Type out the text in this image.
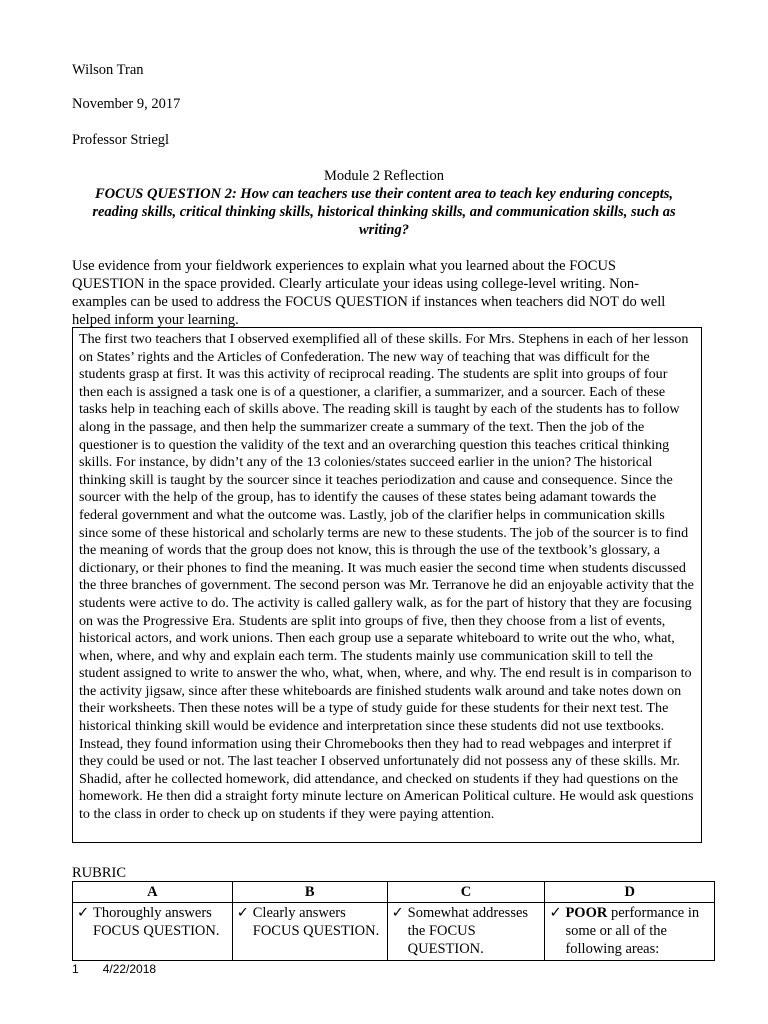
Wilson Tran
November 9, 2017
Professor Striegl
Module 2 Reflection
FOCUS QUESTION 2: How can teachers use their content area to teach key enduring concepts, reading skills, critical thinking skills, historical thinking skills, and communication skills, such as writing?
Use evidence from your fieldwork experiences to explain what you learned about the FOCUS QUESTION in the space provided. Clearly articulate your ideas using college-level writing. Non-examples can be used to address the FOCUS QUESTION if instances when teachers did NOT do well helped inform your learning.
The first two teachers that I observed exemplified all of these skills. For Mrs. Stephens in each of her lesson on States’ rights and the Articles of Confederation. The new way of teaching that was difficult for the students grasp at first. It was this activity of reciprocal reading. The students are split into groups of four then each is assigned a task one is of a questioner, a clarifier, a summarizer, and a sourcer. Each of these tasks help in teaching each of skills above. The reading skill is taught by each of the students has to follow along in the passage, and then help the summarizer create a summary of the text. Then the job of the questioner is to question the validity of the text and an overarching question this teaches critical thinking skills. For instance, by didn’t any of the 13 colonies/states succeed earlier in the union? The historical thinking skill is taught by the sourcer since it teaches periodization and cause and consequence. Since the sourcer with the help of the group, has to identify the causes of these states being adamant towards the federal government and what the outcome was. Lastly, job of the clarifier helps in communication skills since some of these historical and scholarly terms are new to these students. The job of the sourcer is to find the meaning of words that the group does not know, this is through the use of the textbook’s glossary, a dictionary, or their phones to find the meaning. It was much easier the second time when students discussed the three branches of government. The second person was Mr. Terranove he did an enjoyable activity that the students were active to do. The activity is called gallery walk, as for the part of history that they are focusing on was the Progressive Era. Students are split into groups of five, then they choose from a list of events, historical actors, and work unions. Then each group use a separate whiteboard to write out the who, what, when, where, and why and explain each term. The students mainly use communication skill to tell the student assigned to write to answer the who, what, when, where, and why. The end result is in comparison to the activity jigsaw, since after these whiteboards are finished students walk around and take notes down on their worksheets. Then these notes will be a type of study guide for these students for their next test. The historical thinking skill would be evidence and interpretation since these students did not use textbooks. Instead, they found information using their Chromebooks then they had to read webpages and interpret if they could be used or not. The last teacher I observed unfortunately did not possess any of these skills. Mr. Shadid, after he collected homework, did attendance, and checked on students if they had questions on the homework. He then did a straight forty minute lecture on American Political culture. He would ask questions to the class in order to check up on students if they were paying attention.
RUBRIC
A	B	C	D

✓ Thoroughly answers FOCUS QUESTION.	✓ Clearly answers FOCUS QUESTION.	✓ Somewhat addresses the FOCUS QUESTION.	✓ POOR performance in some or all of the following areas:
1 4/22/2018
